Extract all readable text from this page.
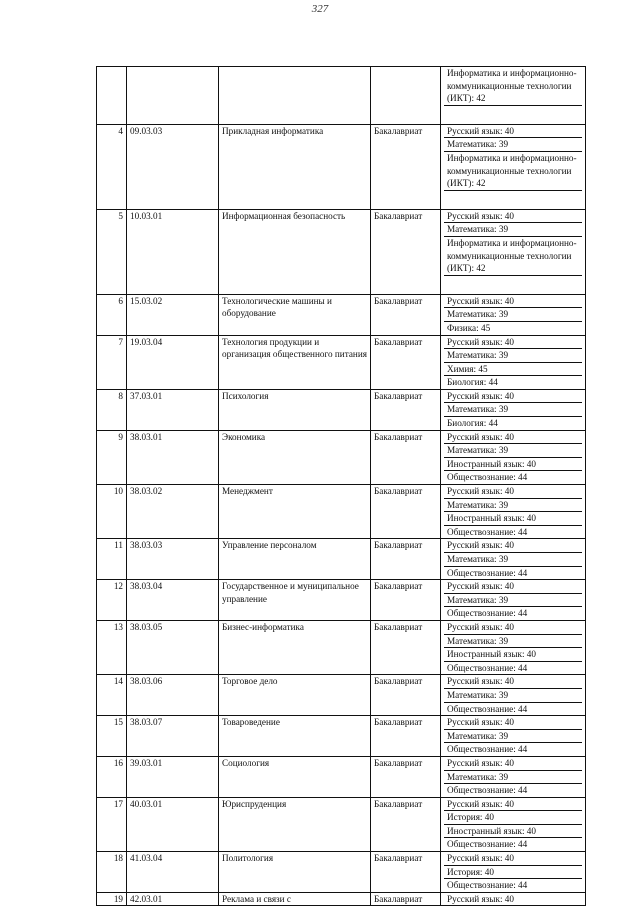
327

				Информатика и информационно-коммуникационные технологии (ИКТ): 42

4	09.03.03	Прикладная информатика	Бакалавриат	Русский язык: 40
Математика: 39
Информатика и информационно-коммуникационные технологии (ИКТ): 42

5	10.03.01	Информационная безопасность	Бакалавриат	Русский язык: 40
Математика: 39
Информатика и информационно-коммуникационные технологии (ИКТ): 42

6	15.03.02	Технологические машины и оборудование	Бакалавриат	Русский язык: 40
Математика: 39
Физика: 45

7	19.03.04	Технология продукции и организация общественного питания	Бакалавриат	Русский язык: 40
Математика: 39
Химия: 45
Биология: 44

8	37.03.01	Психология	Бакалавриат	Русский язык: 40
Математика: 39
Биология: 44

9	38.03.01	Экономика	Бакалавриат	Русский язык: 40
Математика: 39
Иностранный язык: 40
Обществознание: 44

10	38.03.02	Менеджмент	Бакалавриат	Русский язык: 40
Математика: 39
Иностранный язык: 40
Обществознание: 44

11	38.03.03	Управление персоналом	Бакалавриат	Русский язык: 40
Математика: 39
Обществознание: 44

12	38.03.04	Государственное и муниципальное управление	Бакалавриат	Русский язык: 40
Математика: 39
Обществознание: 44

13	38.03.05	Бизнес-информатика	Бакалавриат	Русский язык: 40
Математика: 39
Иностранный язык: 40
Обществознание: 44

14	38.03.06	Торговое дело	Бакалавриат	Русский язык: 40
Математика: 39
Обществознание: 44

15	38.03.07	Товароведение	Бакалавриат	Русский язык: 40
Математика: 39
Обществознание: 44

16	39.03.01	Социология	Бакалавриат	Русский язык: 40
Математика: 39
Обществознание: 44

17	40.03.01	Юриспруденция	Бакалавриат	Русский язык: 40
История: 40
Иностранный язык: 40
Обществознание: 44

18	41.03.04	Политология	Бакалавриат	Русский язык: 40
История: 40
Обществознание: 44

19	42.03.01	Реклама и связи с	Бакалавриат	Русский язык: 40
